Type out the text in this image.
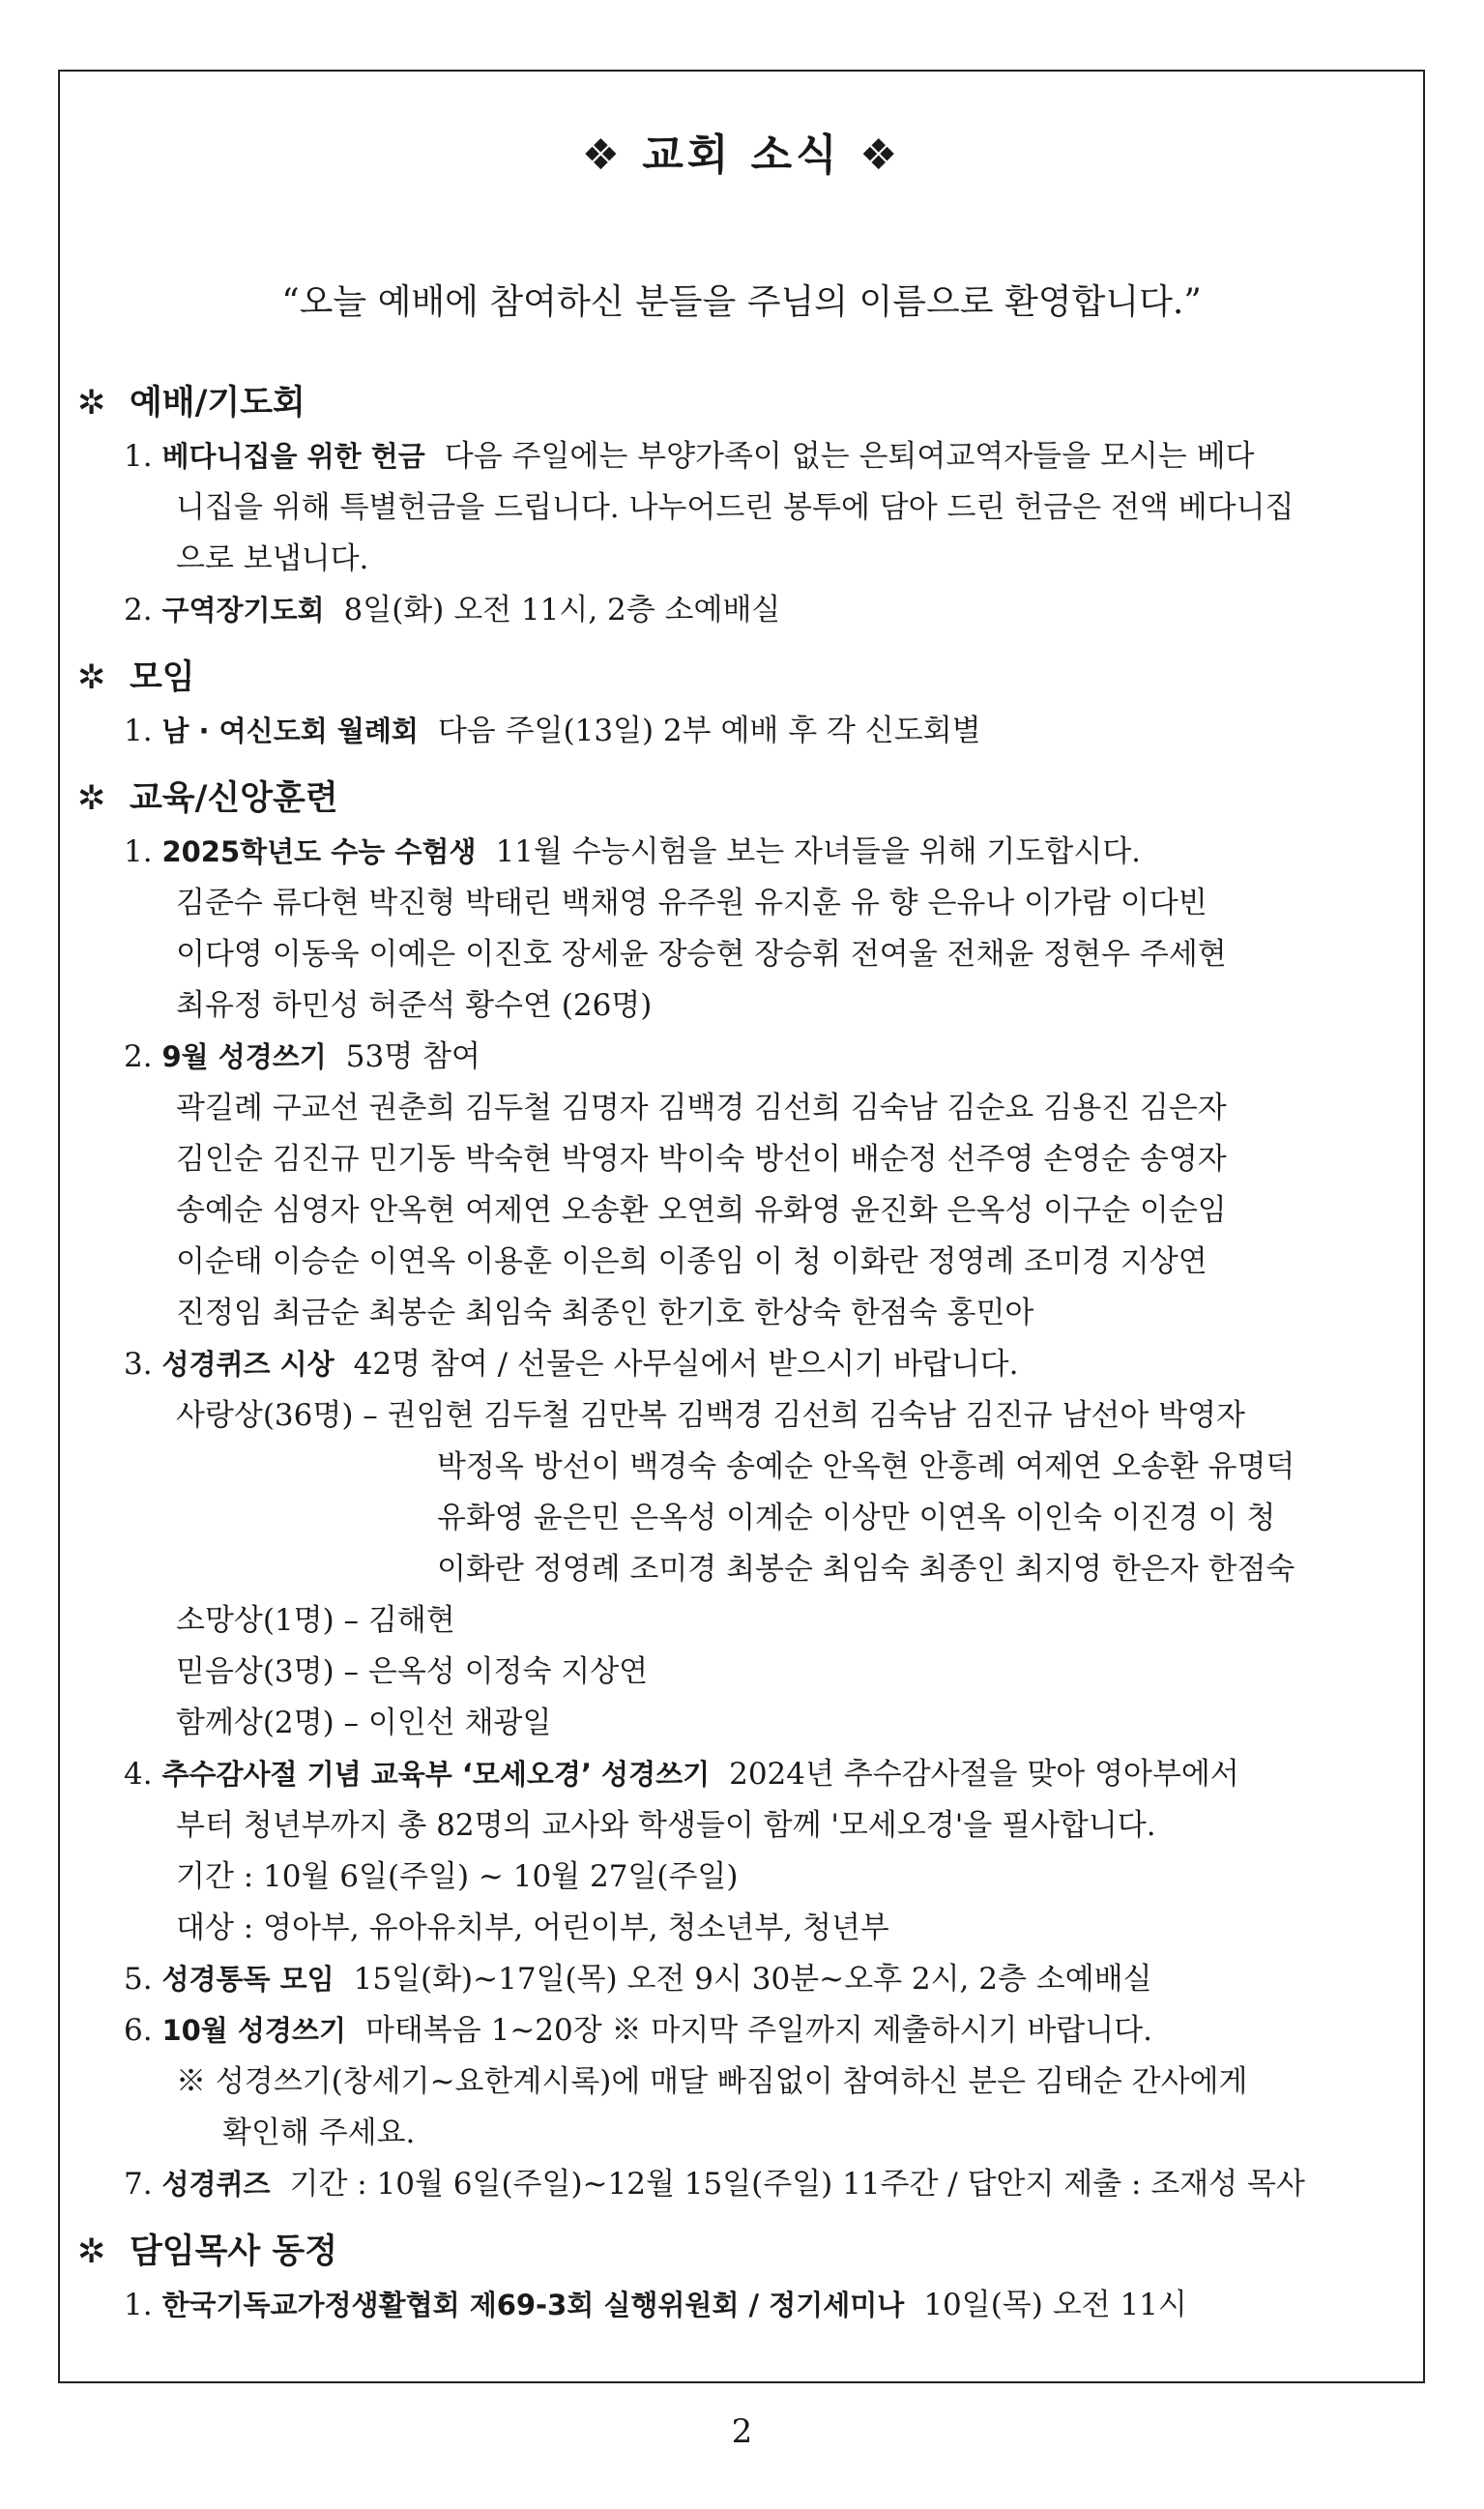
❖ 교회 소식 ❖
“오늘 예배에 참여하신 분들을 주님의 이름으로 환영합니다.”
✲ 예배/기도회
1. 베다니집을 위한 헌금 다음 주일에는 부양가족이 없는 은퇴여교역자들을 모시는 베다
니집을 위해 특별헌금을 드립니다. 나누어드린 봉투에 담아 드린 헌금은 전액 베다니집
으로 보냅니다.
2. 구역장기도회 8일(화) 오전 11시, 2층 소예배실
✲ 모임
1. 남 · 여신도회 월례회 다음 주일(13일) 2부 예배 후 각 신도회별
✲ 교육/신앙훈련
1. 2025학년도 수능 수험생 11월 수능시험을 보는 자녀들을 위해 기도합시다.
김준수 류다현 박진형 박태린 백채영 유주원 유지훈 유 향 은유나 이가람 이다빈
이다영 이동욱 이예은 이진호 장세윤 장승현 장승휘 전여울 전채윤 정현우 주세현
최유정 하민성 허준석 황수연 (26명)
2. 9월 성경쓰기 53명 참여
곽길례 구교선 권춘희 김두철 김명자 김백경 김선희 김숙남 김순요 김용진 김은자
김인순 김진규 민기동 박숙현 박영자 박이숙 방선이 배순정 선주영 손영순 송영자
송예순 심영자 안옥현 여제연 오송환 오연희 유화영 윤진화 은옥성 이구순 이순임
이순태 이승순 이연옥 이용훈 이은희 이종임 이 청 이화란 정영례 조미경 지상연
진정임 최금순 최봉순 최임숙 최종인 한기호 한상숙 한점숙 홍민아
3. 성경퀴즈 시상 42명 참여 / 선물은 사무실에서 받으시기 바랍니다.
사랑상(36명) – 권임현 김두철 김만복 김백경 김선희 김숙남 김진규 남선아 박영자
박정옥 방선이 백경숙 송예순 안옥현 안흥례 여제연 오송환 유명덕
유화영 윤은민 은옥성 이계순 이상만 이연옥 이인숙 이진경 이 청
이화란 정영례 조미경 최봉순 최임숙 최종인 최지영 한은자 한점숙
소망상(1명) – 김해현
믿음상(3명) – 은옥성 이정숙 지상연
함께상(2명) – 이인선 채광일
4. 추수감사절 기념 교육부 ‘모세오경’ 성경쓰기 2024년 추수감사절을 맞아 영아부에서
부터 청년부까지 총 82명의 교사와 학생들이 함께 '모세오경'을 필사합니다.
기간 : 10월 6일(주일) ~ 10월 27일(주일)
대상 : 영아부, 유아유치부, 어린이부, 청소년부, 청년부
5. 성경통독 모임 15일(화)~17일(목) 오전 9시 30분~오후 2시, 2층 소예배실
6. 10월 성경쓰기 마태복음 1~20장 ※ 마지막 주일까지 제출하시기 바랍니다.
※ 성경쓰기(창세기~요한계시록)에 매달 빠짐없이 참여하신 분은 김태순 간사에게
확인해 주세요.
7. 성경퀴즈 기간 : 10월 6일(주일)~12월 15일(주일) 11주간 / 답안지 제출 : 조재성 목사
✲ 담임목사 동정
1. 한국기독교가정생활협회 제69-3회 실행위원회 / 정기세미나 10일(목) 오전 11시
2
